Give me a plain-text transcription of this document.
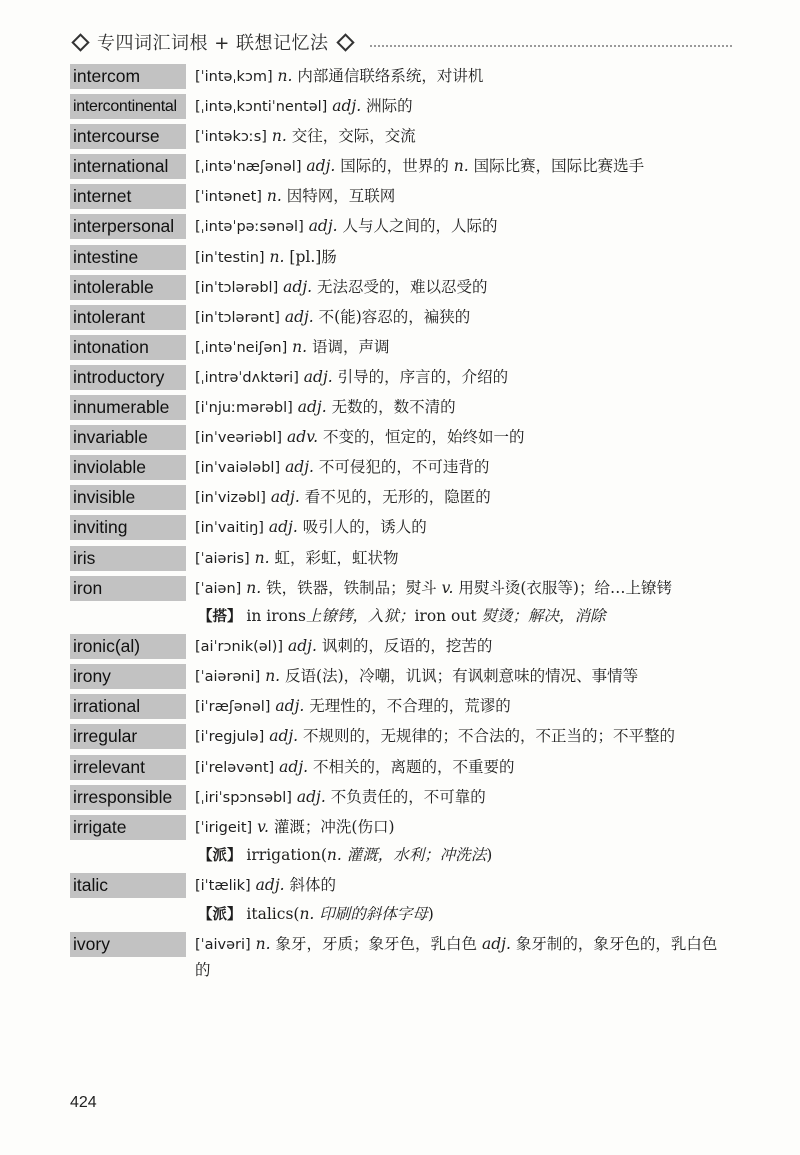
专四词汇词根 + 联想记忆法
intercom	[ˈintəˌkɔm] n. 内部通信联络系统，对讲机
intercontinental	[ˌintəˌkɔntiˈnentəl] adj. 洲际的
intercourse	[ˈintəkɔːs] n. 交往，交际，交流
international	[ˌintəˈnæʃənəl] adj. 国际的，世界的 n. 国际比赛，国际比赛选手
internet	[ˈintənet] n. 因特网，互联网
interpersonal	[ˌintəˈpəːsənəl] adj. 人与人之间的，人际的
intestine	[inˈtestin] n. [pl.]肠
intolerable	[inˈtɔlərəbl] adj. 无法忍受的，难以忍受的
intolerant	[inˈtɔlərənt] adj. 不(能)容忍的，褊狭的
intonation	[ˌintəˈneiʃən] n. 语调，声调
introductory	[ˌintrəˈdʌktəri] adj. 引导的，序言的，介绍的
innumerable	[iˈnjuːmərəbl] adj. 无数的，数不清的
invariable	[inˈveəriəbl] adv. 不变的，恒定的，始终如一的
inviolable	[inˈvaiələbl] adj. 不可侵犯的，不可违背的
invisible	[inˈvizəbl] adj. 看不见的，无形的，隐匿的
inviting	[inˈvaitiŋ] adj. 吸引人的，诱人的
iris	[ˈaiəris] n. 虹，彩虹，虹状物
iron	[ˈaiən] n. 铁，铁器，铁制品；熨斗 v. 用熨斗烫(衣服等)；给…上镣铐
【搭】 in irons上镣铐，入狱；iron out 熨烫；解决，消除
ironic(al)	[aiˈrɔnik(əl)] adj. 讽刺的，反语的，挖苦的
irony	[ˈaiərəni] n. 反语(法)，冷嘲，讥讽；有讽刺意味的情况、事情等
irrational	[iˈræʃənəl] adj. 无理性的，不合理的，荒谬的
irregular	[iˈregjulə] adj. 不规则的，无规律的；不合法的，不正当的；不平整的
irrelevant	[iˈreləvənt] adj. 不相关的，离题的，不重要的
irresponsible	[ˌiriˈspɔnsəbl] adj. 不负责任的，不可靠的
irrigate	[ˈirigeit] v. 灌溉；冲洗(伤口)
【派】 irrigation(n. 灌溉，水利；冲洗法)
italic	[iˈtælik] adj. 斜体的
【派】 italics(n. 印刷的斜体字母)
ivory	[ˈaivəri] n. 象牙，牙质；象牙色，乳白色 adj. 象牙制的，象牙色的，乳白色的
424
